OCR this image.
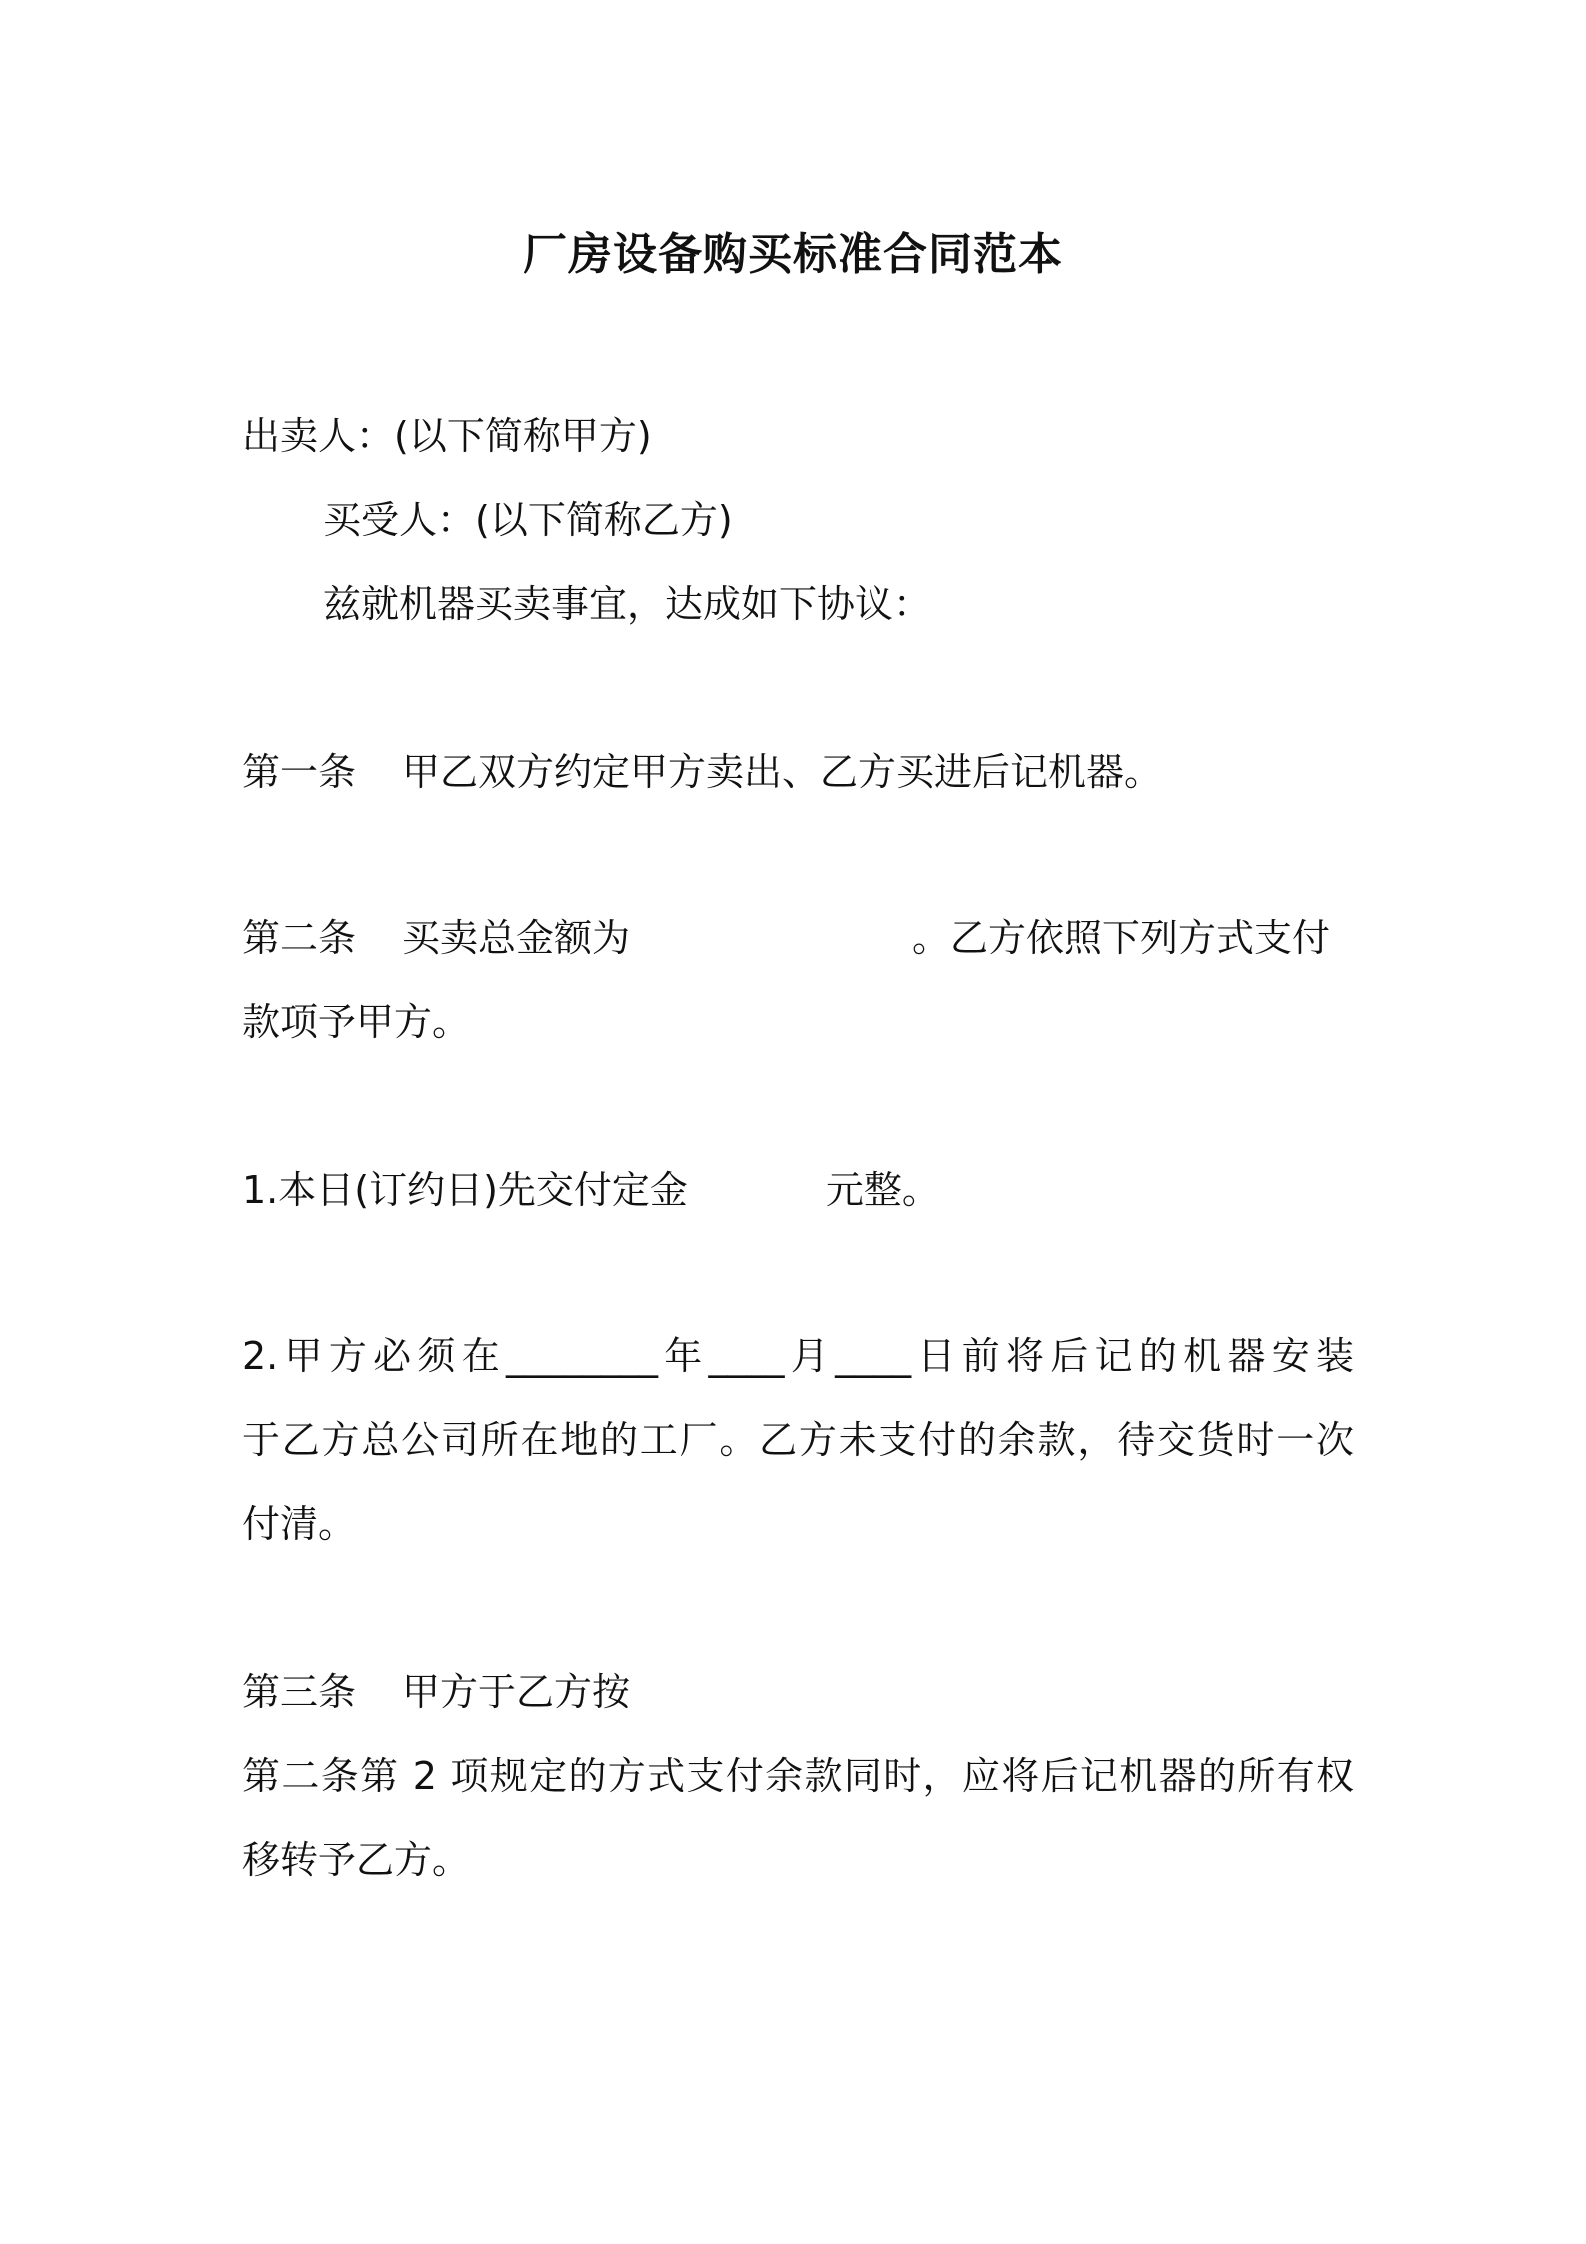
厂房设备购买标准合同范本
出卖人：(以下简称甲方)
买受人：(以下简称乙方)
兹就机器买卖事宜，达成如下协议：
第一条 甲乙双方约定甲方卖出、乙方买进后记机器。
第二条 买卖总金额为	。乙方依照下列方式支付
款项予甲方。
1.本日(订约日)先交付定金	元整。
2.甲方必须在________年____月____日前将后记的机器安装
于乙方总公司所在地的工厂。乙方未支付的余款，待交货时一次
付清。
第三条 甲方于乙方按
第二条第 2 项规定的方式支付余款同时，应将后记机器的所有权
移转予乙方。
